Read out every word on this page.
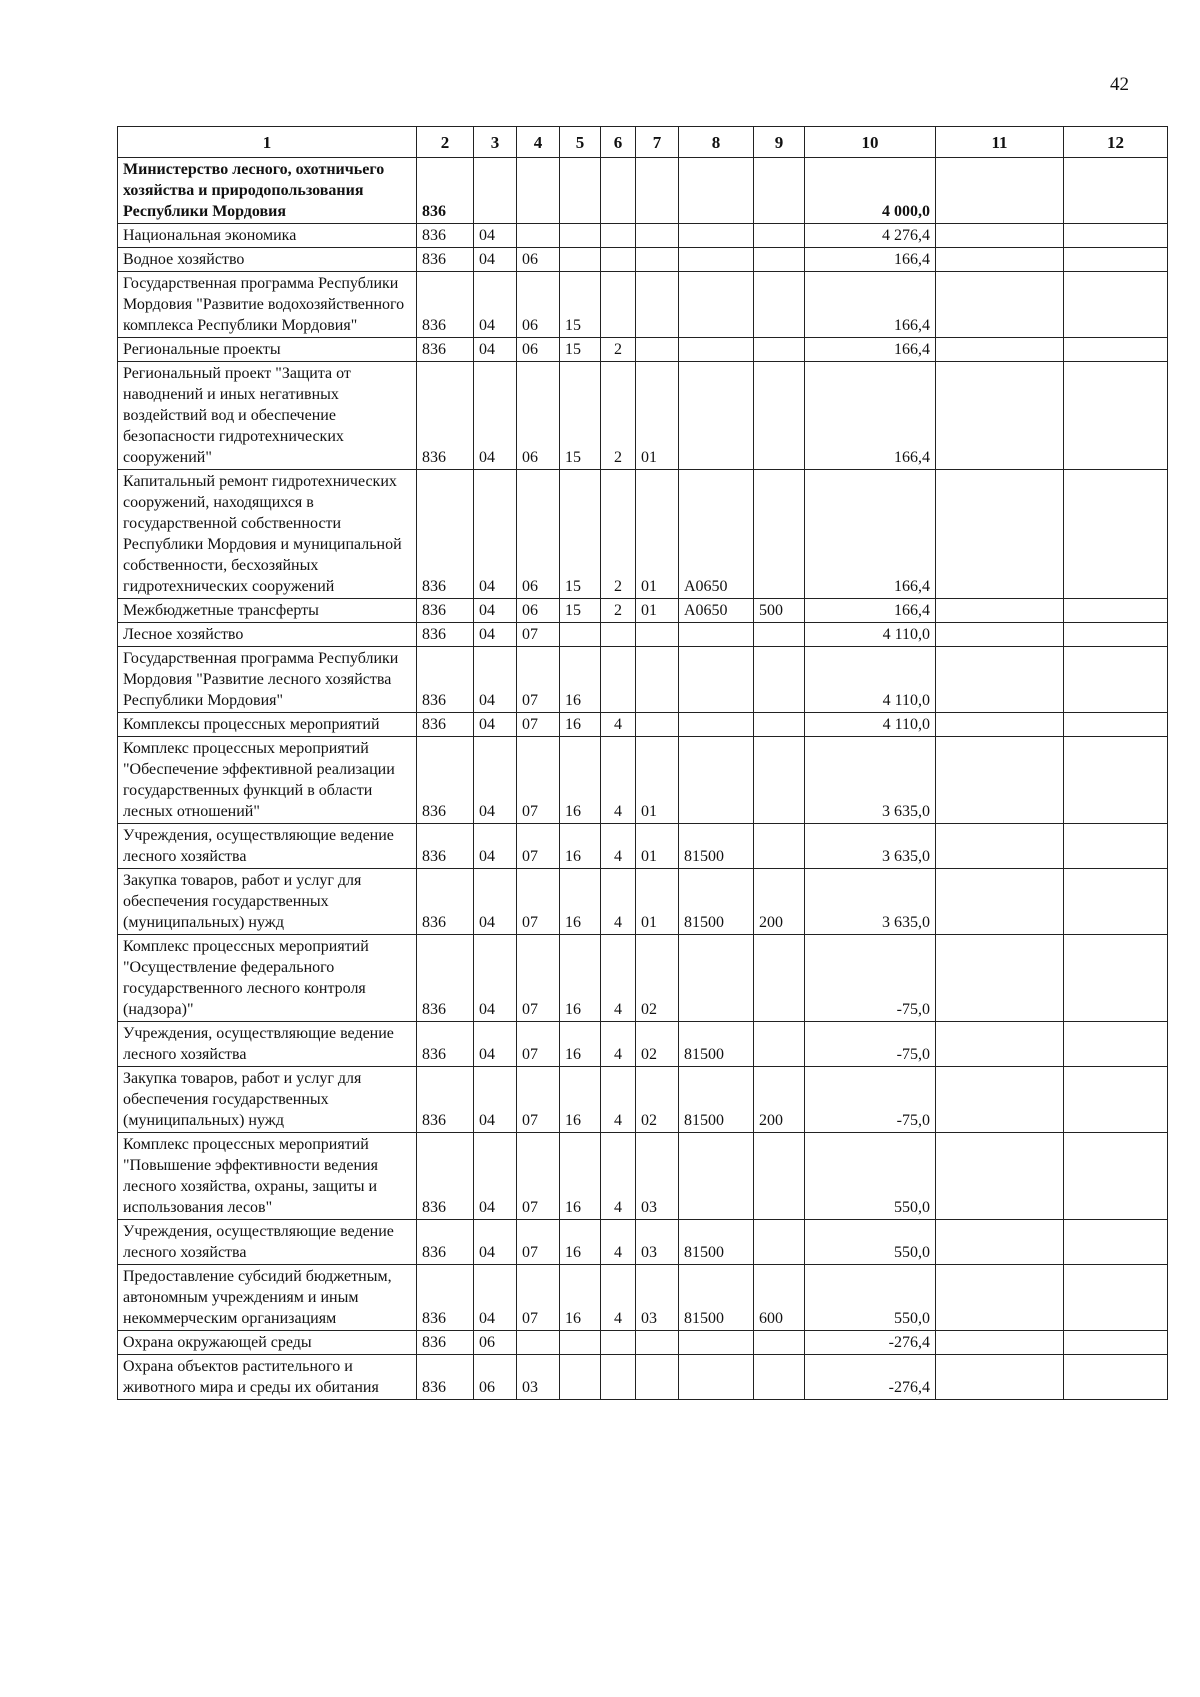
42
1	2	3	4	5	6	7	8	9	10	11	12
Министерство лесного, охотничьего хозяйства и природопользования Республики Мордовия	836								4 000,0		
Национальная экономика	836	04							4 276,4		
Водное хозяйство	836	04	06						166,4		
Государственная программа Республики Мордовия "Развитие водохозяйственного комплекса Республики Мордовия"	836	04	06	15					166,4		
Региональные проекты	836	04	06	15	2				166,4		
Региональный проект "Защита от наводнений и иных негативных воздействий вод и обеспечение безопасности гидротехнических сооружений"	836	04	06	15	2	01			166,4		
Капитальный ремонт гидротехнических сооружений, находящихся в государственной собственности Республики Мордовия и муниципальной собственности, бесхозяйных гидротехнических сооружений	836	04	06	15	2	01	A0650		166,4		
Межбюджетные трансферты	836	04	06	15	2	01	A0650	500	166,4		
Лесное хозяйство	836	04	07						4 110,0		
Государственная программа Республики Мордовия "Развитие лесного хозяйства Республики Мордовия"	836	04	07	16					4 110,0		
Комплексы процессных мероприятий	836	04	07	16	4				4 110,0		
Комплекс процессных мероприятий "Обеспечение эффективной реализации государственных функций в области лесных отношений"	836	04	07	16	4	01			3 635,0		
Учреждения, осуществляющие ведение лесного хозяйства	836	04	07	16	4	01	81500		3 635,0		
Закупка товаров, работ и услуг для обеспечения государственных (муниципальных) нужд	836	04	07	16	4	01	81500	200	3 635,0		
Комплекс процессных мероприятий "Осуществление федерального государственного лесного контроля (надзора)"	836	04	07	16	4	02			-75,0		
Учреждения, осуществляющие ведение лесного хозяйства	836	04	07	16	4	02	81500		-75,0		
Закупка товаров, работ и услуг для обеспечения государственных (муниципальных) нужд	836	04	07	16	4	02	81500	200	-75,0		
Комплекс процессных мероприятий "Повышение эффективности ведения лесного хозяйства, охраны, защиты и использования лесов"	836	04	07	16	4	03			550,0		
Учреждения, осуществляющие ведение лесного хозяйства	836	04	07	16	4	03	81500		550,0		
Предоставление субсидий бюджетным, автономным учреждениям и иным некоммерческим организациям	836	04	07	16	4	03	81500	600	550,0		
Охрана окружающей среды	836	06							-276,4		
Охрана объектов растительного и животного мира и среды их обитания	836	06	03						-276,4		
